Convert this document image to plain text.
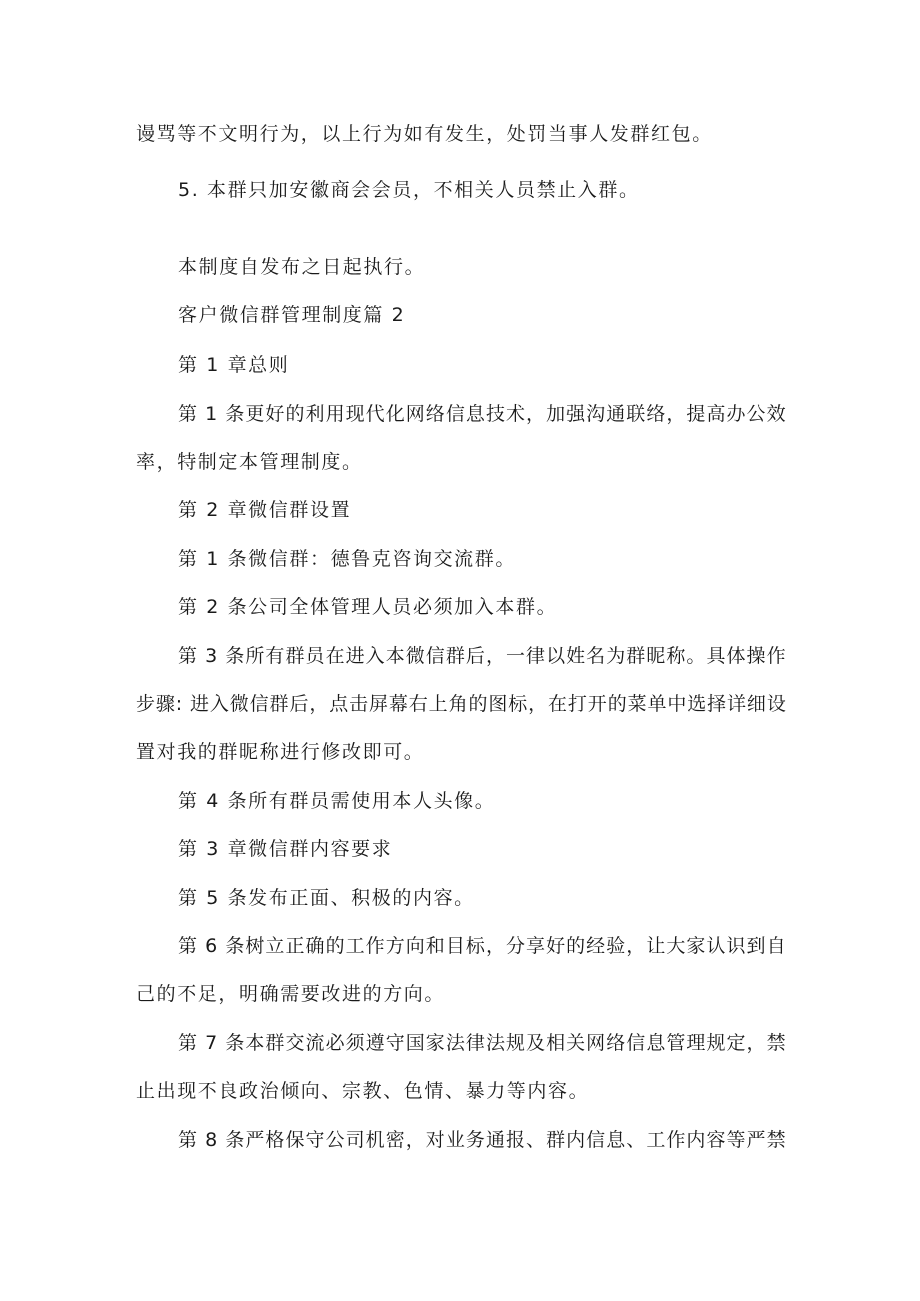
谩骂等不文明行为，以上行为如有发生，处罚当事人发群红包。
5. 本群只加安徽商会会员，不相关人员禁止入群。
本制度自发布之日起执行。
客户微信群管理制度篇 2
第 1 章总则
第
1
条 更 好 的 利 用 现 代 化 网 络 信 息 技 术 ， 加 强 沟 通 联 络 ， 提 高 办 公 效
率，特制定本管理制度。
第 2 章微信群设置
第 1 条微信群：德鲁克咨询交流群。
第 2 条公司全体管理人员必须加入本群。
第
3
条 所 有 群 员 在 进 入 本 微 信 群 后 ， 一 律 以 姓 名 为 群 昵 称 。 具 体 操 作
步 骤 :
进 入 微 信 群 后 ， 点 击 屏 幕 右 上 角 的 图 标 ， 在 打 开 的 菜 单 中 选 择 详 细 设
置对我的群昵称进行修改即可。
第 4 条所有群员需使用本人头像。
第 3 章微信群内容要求
第 5 条发布正面、积极的内容。
第
6
条 树 立 正 确 的 工 作 方 向 和 目 标 ， 分 享 好 的 经 验 ， 让 大 家 认 识 到 自
己的不足，明确需要改进的方向。
第
7
条 本 群 交 流 必 须 遵 守 国 家 法 律 法 规 及 相 关 网 络 信 息 管 理 规 定 ， 禁
止出现不良政治倾向、宗教、色情、暴力等内容。
第
8
条 严 格 保 守 公 司 机 密 ， 对 业 务 通 报 、 群 内 信 息 、 工 作 内 容 等 严 禁
